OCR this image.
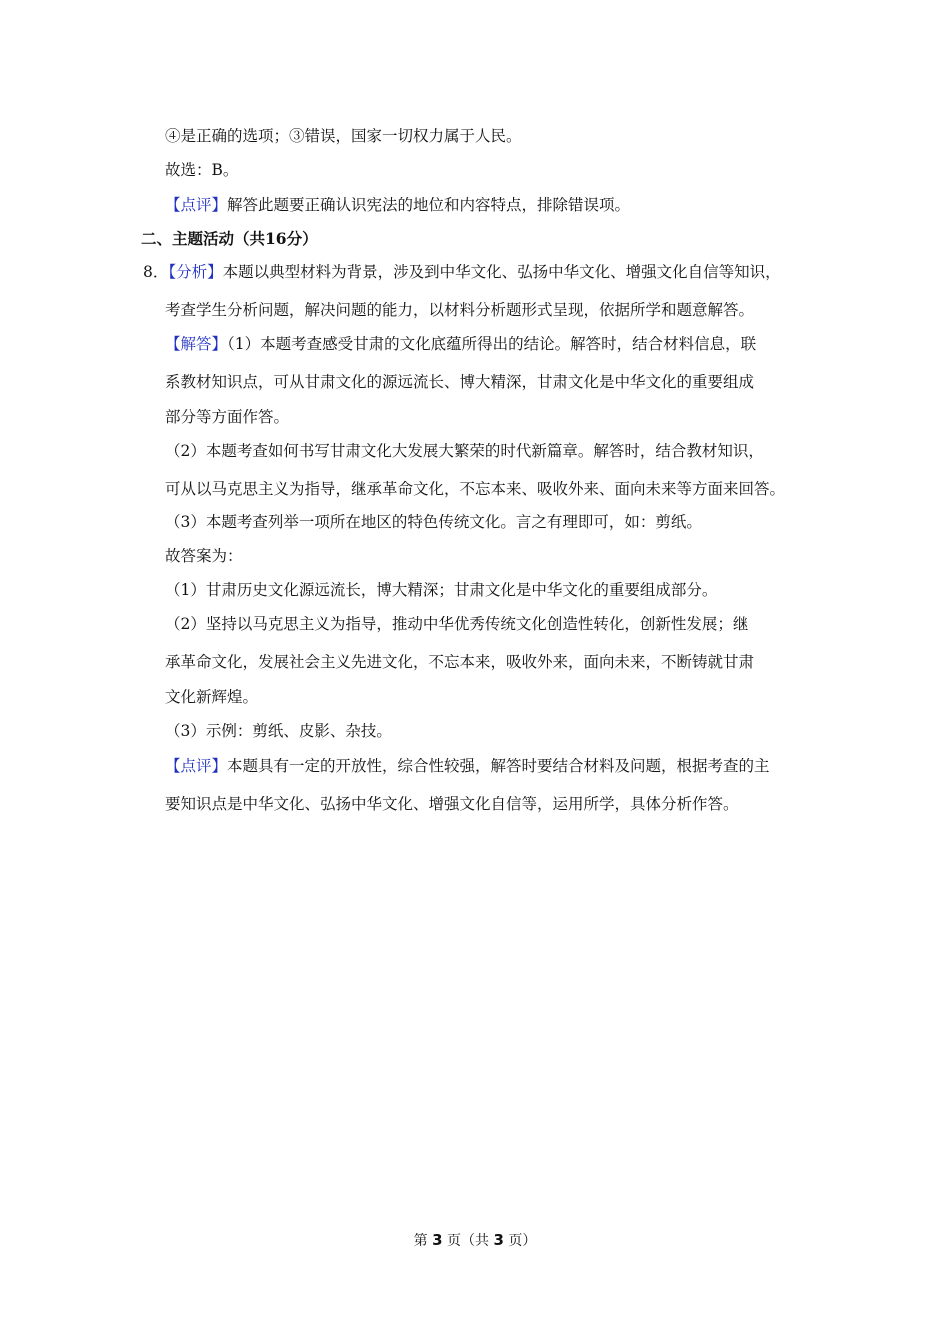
④是正确的选项；③错误，国家一切权力属于人民。
故选：B。
【点评】解答此题要正确认识宪法的地位和内容特点，排除错误项。
二、主题活动（共16分）
8．【分析】本题以典型材料为背景，涉及到中华文化、弘扬中华文化、增强文化自信等知识，
考查学生分析问题，解决问题的能力，以材料分析题形式呈现，依据所学和题意解答。
【解答】（1）本题考查感受甘肃的文化底蕴所得出的结论。解答时，结合材料信息，联
系教材知识点，可从甘肃文化的源远流长、博大精深，甘肃文化是中华文化的重要组成
部分等方面作答。
（2）本题考查如何书写甘肃文化大发展大繁荣的时代新篇章。解答时，结合教材知识，
可从以马克思主义为指导，继承革命文化，不忘本来、吸收外来、面向未来等方面来回答。
（3）本题考查列举一项所在地区的特色传统文化。言之有理即可，如：剪纸。
故答案为：
（1）甘肃历史文化源远流长，博大精深；甘肃文化是中华文化的重要组成部分。
（2）坚持以马克思主义为指导，推动中华优秀传统文化创造性转化，创新性发展；继
承革命文化，发展社会主义先进文化，不忘本来，吸收外来，面向未来，不断铸就甘肃
文化新辉煌。
（3）示例：剪纸、皮影、杂技。
【点评】本题具有一定的开放性，综合性较强，解答时要结合材料及问题，根据考查的主
要知识点是中华文化、弘扬中华文化、增强文化自信等，运用所学，具体分析作答。
第 3 页（共 3 页）
